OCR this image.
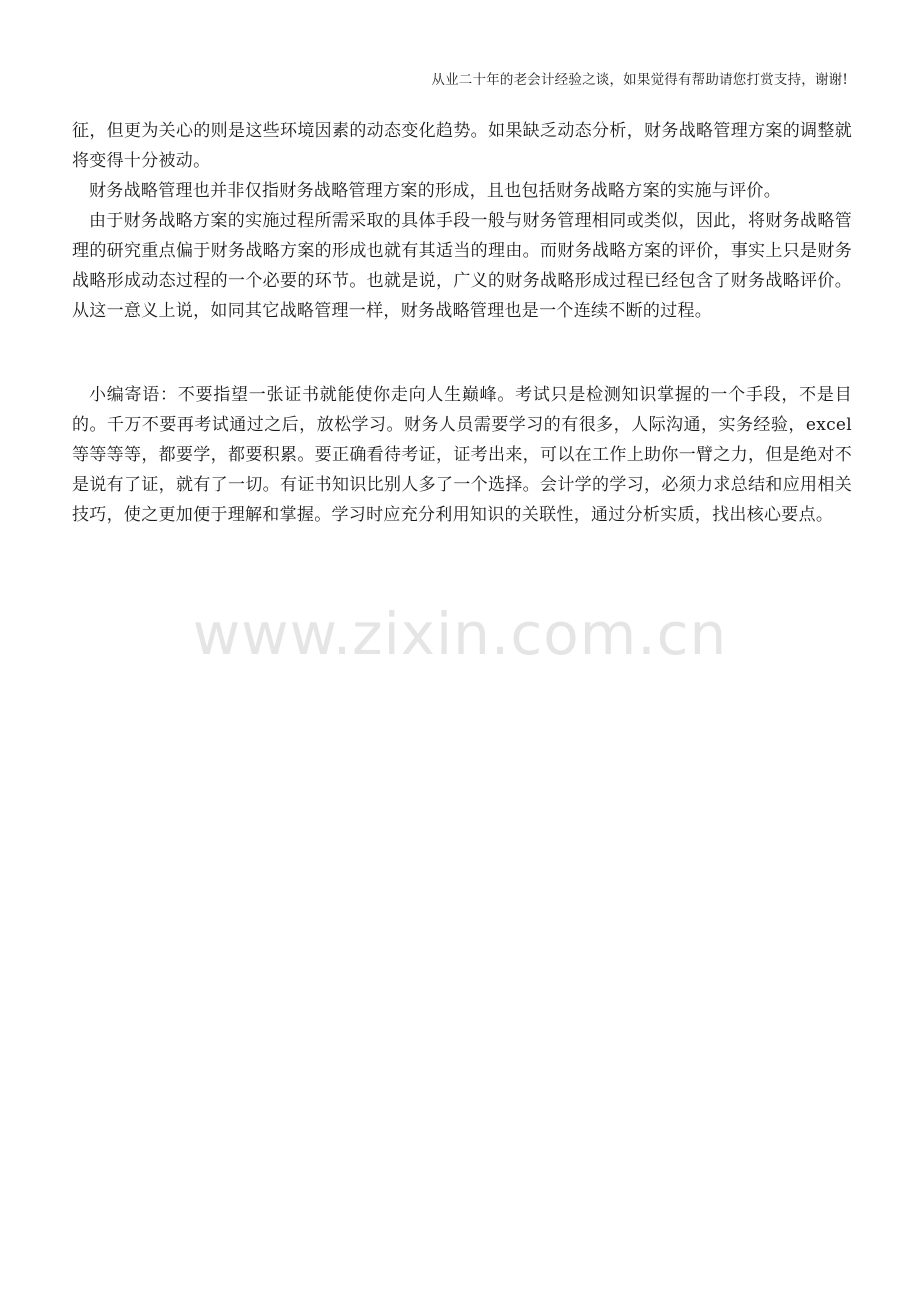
从业二十年的老会计经验之谈，如果觉得有帮助请您打赏支持，谢谢!

征，但更为关心的则是这些环境因素的动态变化趋势。如果缺乏动态分析，财务战略管理方案的调整就将变得十分被动。

财务战略管理也并非仅指财务战略管理方案的形成，且也包括财务战略方案的实施与评价。

由于财务战略方案的实施过程所需采取的具体手段一般与财务管理相同或类似，因此，将财务战略管理的研究重点偏于财务战略方案的形成也就有其适当的理由。而财务战略方案的评价，事实上只是财务战略形成动态过程的一个必要的环节。也就是说，广义的财务战略形成过程已经包含了财务战略评价。从这一意义上说，如同其它战略管理一样，财务战略管理也是一个连续不断的过程。

小编寄语：不要指望一张证书就能使你走向人生巅峰。考试只是检测知识掌握的一个手段，不是目的。千万不要再考试通过之后，放松学习。财务人员需要学习的有很多，人际沟通，实务经验，excel 等等等等，都要学，都要积累。要正确看待考证，证考出来，可以在工作上助你一臂之力，但是绝对不是说有了证，就有了一切。有证书知识比别人多了一个选择。会计学的学习，必须力求总结和应用相关技巧，使之更加便于理解和掌握。学习时应充分利用知识的关联性，通过分析实质，找出核心要点。

www.zixin.com.cn
